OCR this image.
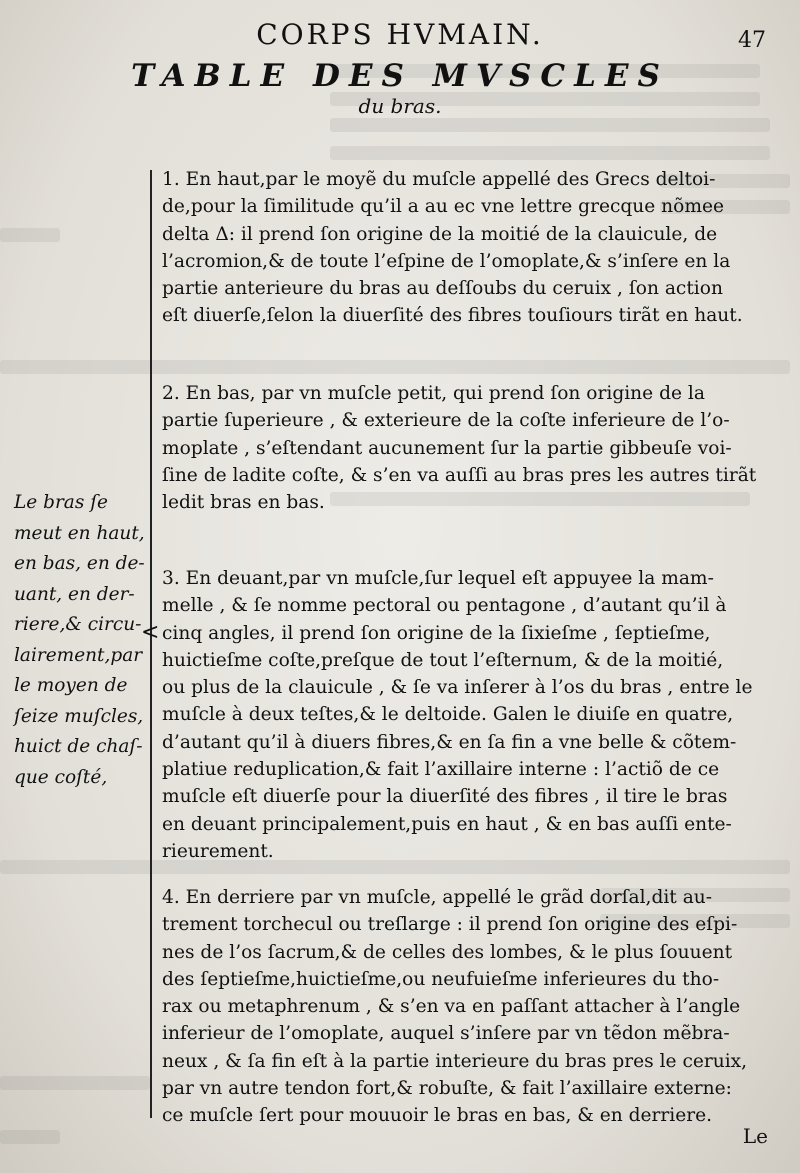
CORPS HVMAIN.	47
TABLE DES MVSCLES
du bras.
<
1. En haut,par le moyẽ du muſcle appellé des Grecs deltoi-
de,pour la ſimilitude qu’il a au ec vne lettre grecque nõmee
delta Δ: il prend ſon origine de la moitié de la clauicule, de
l’acromion,& de toute l’eſpine de l’omoplate,& s’inſere en la
partie anterieure du bras au deſſoubs du ceruix , ſon action
eſt diuerſe,ſelon la diuerſité des fibres touſiours tirãt en haut.
2. En bas, par vn muſcle petit, qui prend ſon origine de la
partie ſuperieure , & exterieure de la coſte inferieure de l’o-
moplate , s’eſtendant aucunement ſur la partie gibbeuſe voi-
ſine de ladite coſte, & s’en va auſſi au bras pres les autres tirãt
ledit bras en bas.
3. En deuant,par vn muſcle,ſur lequel eſt appuyee la mam-
melle , & ſe nomme pectoral ou pentagone , d’autant qu’il à
cinq angles, il prend ſon origine de la ſixieſme , ſeptieſme,
huictieſme coſte,preſque de tout l’eſternum, & de la moitié,
ou plus de la clauicule , & ſe va inſerer à l’os du bras , entre le
muſcle à deux teſtes,& le deltoide. Galen le diuiſe en quatre,
d’autant qu’il à diuers fibres,& en ſa fin a vne belle & cõtem-
platiue reduplication,& fait l’axillaire interne : l’actiõ de ce
muſcle eſt diuerſe pour la diuerſité des fibres , il tire le bras
en deuant principalement,puis en haut , & en bas auſſi ente-
rieurement.
4. En derriere par vn muſcle, appellé le grãd dorſal,dit au-
trement torchecul ou treſlarge : il prend ſon origine des eſpi-
nes de l’os ſacrum,& de celles des lombes, & le plus ſouuent
des ſeptieſme,huictieſme,ou neufuieſme inferieures du tho-
rax ou metaphrenum , & s’en va en paſſant attacher à l’angle
inferieur de l’omoplate, auquel s’inſere par vn tẽdon mẽbra-
neux , & ſa fin eſt à la partie interieure du bras pres le ceruix,
par vn autre tendon fort,& robuſte, & fait l’axillaire externe:
ce muſcle ſert pour mouuoir le bras en bas, & en derriere.
Le bras ſe
meut en haut,
en bas, en de-
uant, en der-
riere,& circu-
lairement,par
le moyen de
ſeize muſcles,
huict de chaſ-
que coſté,
Le
